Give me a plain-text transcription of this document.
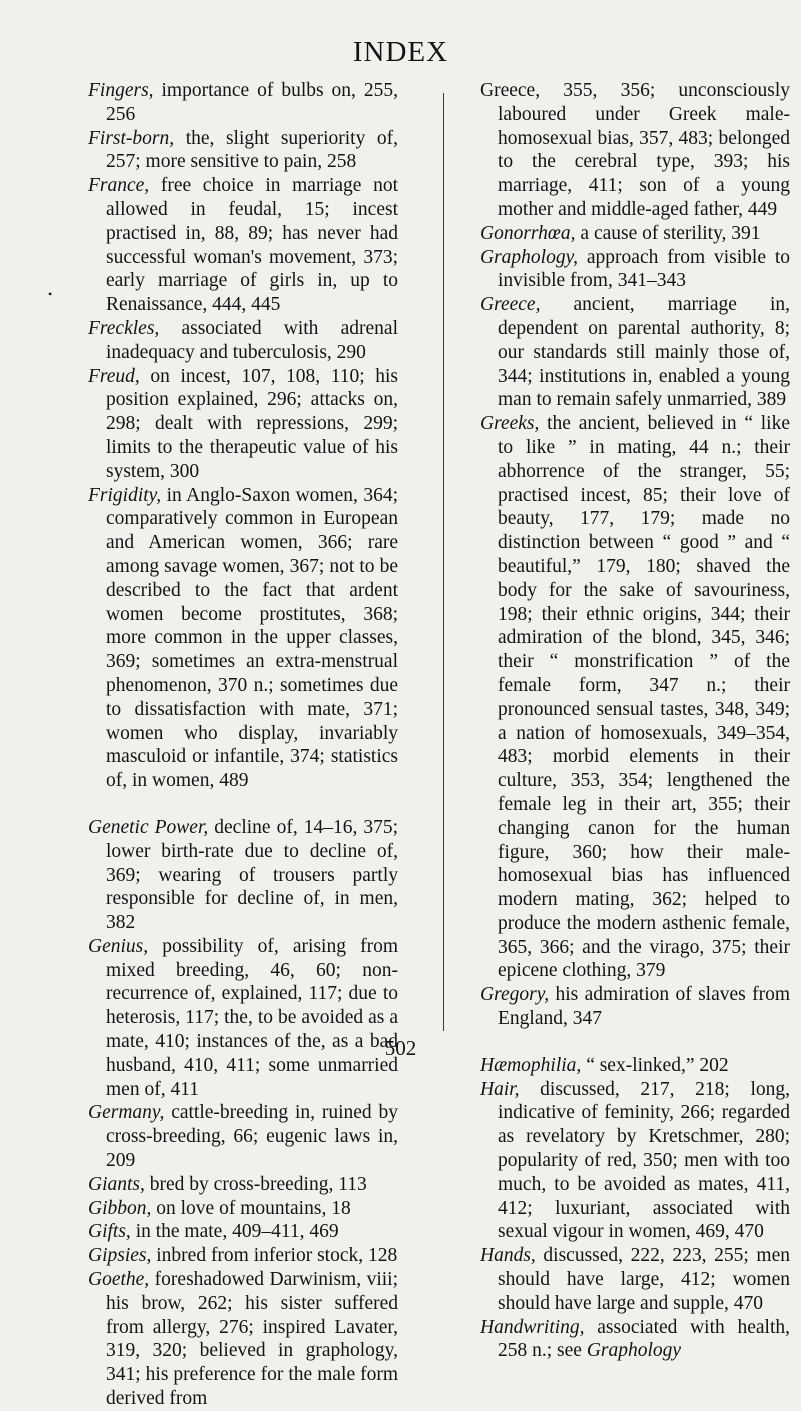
INDEX
•
Fingers, importance of bulbs on, 255, 256
First-born, the, slight superiority of, 257; more sensitive to pain, 258
France, free choice in marriage not allowed in feudal, 15; incest practised in, 88, 89; has never had successful woman's movement, 373; early marriage of girls in, up to Renaissance, 444, 445
Freckles, associated with adrenal inadequacy and tuberculosis, 290
Freud, on incest, 107, 108, 110; his position explained, 296; attacks on, 298; dealt with repressions, 299; limits to the therapeutic value of his system, 300
Frigidity, in Anglo-Saxon women, 364; comparatively common in European and American women, 366; rare among savage women, 367; not to be described to the fact that ardent women become prostitutes, 368; more common in the upper classes, 369; sometimes an extra-menstrual phenomenon, 370 n.; sometimes due to dissatisfaction with mate, 371; women who display, invariably masculoid or infantile, 374; statistics of, in women, 489
Genetic Power, decline of, 14–16, 375; lower birth-rate due to decline of, 369; wearing of trousers partly responsible for decline of, in men, 382
Genius, possibility of, arising from mixed breeding, 46, 60; non-recurrence of, explained, 117; due to heterosis, 117; the, to be avoided as a mate, 410; instances of the, as a bad husband, 410, 411; some unmarried men of, 411
Germany, cattle-breeding in, ruined by cross-breeding, 66; eugenic laws in, 209
Giants, bred by cross-breeding, 113
Gibbon, on love of mountains, 18
Gifts, in the mate, 409–411, 469
Gipsies, inbred from inferior stock, 128
Goethe, foreshadowed Darwinism, viii; his brow, 262; his sister suffered from allergy, 276; inspired Lavater, 319, 320; believed in graphology, 341; his preference for the male form derived from
Greece, 355, 356; unconsciously laboured under Greek male-homosexual bias, 357, 483; belonged to the cerebral type, 393; his marriage, 411; son of a young mother and middle-aged father, 449
Gonorrhœa, a cause of sterility, 391
Graphology, approach from visible to invisible from, 341–343
Greece, ancient, marriage in, dependent on parental authority, 8; our standards still mainly those of, 344; institutions in, enabled a young man to remain safely unmarried, 389
Greeks, the ancient, believed in “ like to like ” in mating, 44 n.; their abhorrence of the stranger, 55; practised incest, 85; their love of beauty, 177, 179; made no distinction between “ good ” and “ beautiful,” 179, 180; shaved the body for the sake of savouriness, 198; their ethnic origins, 344; their admiration of the blond, 345, 346; their “ monstrification ” of the female form, 347 n.; their pronounced sensual tastes, 348, 349; a nation of homosexuals, 349–354, 483; morbid elements in their culture, 353, 354; lengthened the female leg in their art, 355; their changing canon for the human figure, 360; how their male-homosexual bias has influenced modern mating, 362; helped to produce the modern asthenic female, 365, 366; and the virago, 375; their epicene clothing, 379
Gregory, his admiration of slaves from England, 347
Hæmophilia, “ sex-linked,” 202
Hair, discussed, 217, 218; long, indicative of feminity, 266; regarded as revelatory by Kretschmer, 280; popularity of red, 350; men with too much, to be avoided as mates, 411, 412; luxuriant, associated with sexual vigour in women, 469, 470
Hands, discussed, 222, 223, 255; men should have large, 412; women should have large and supple, 470
Handwriting, associated with health, 258 n.; see Graphology
502
